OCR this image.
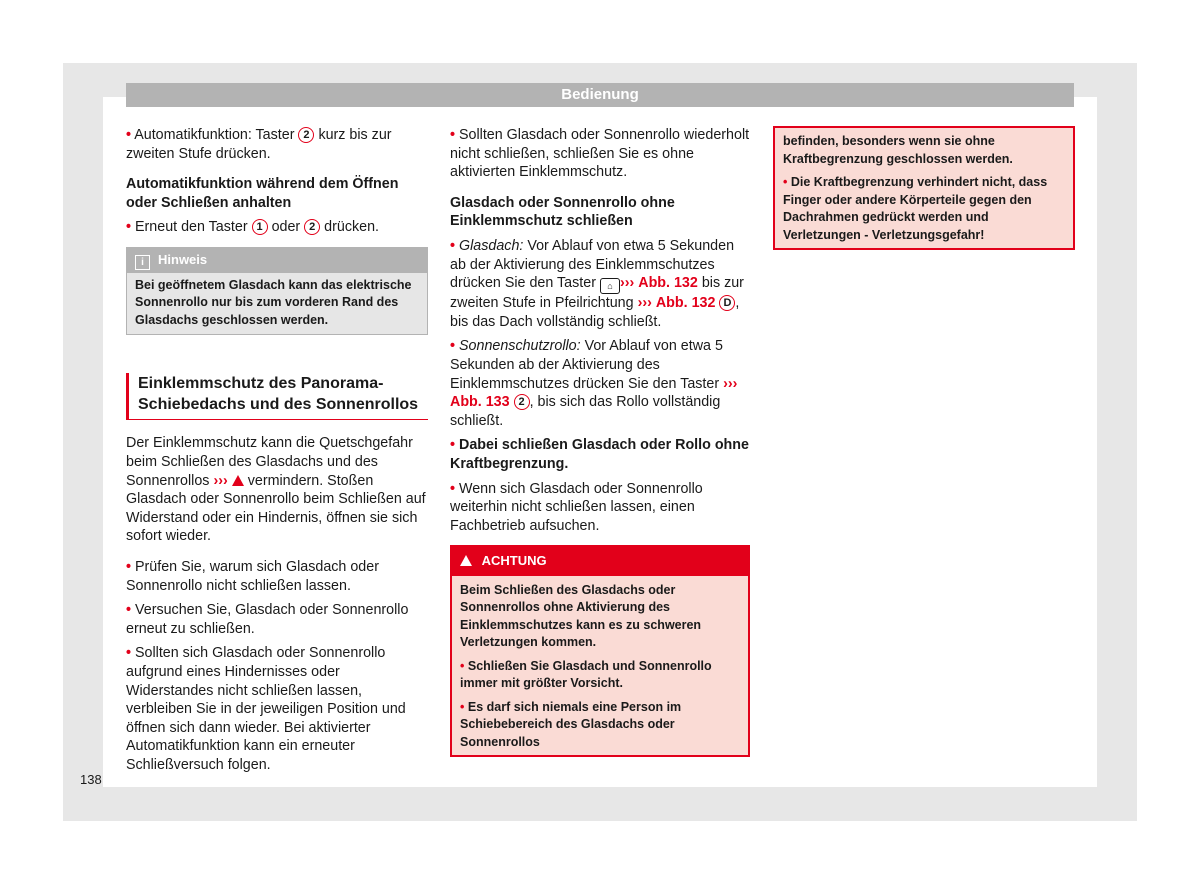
Bedienung

• Automatikfunktion: Taster 2 kurz bis zur zweiten Stufe drücken.

Automatikfunktion während dem Öffnen oder Schließen anhalten

• Erneut den Taster 1 oder 2 drücken.

i Hinweis
Bei geöffnetem Glasdach kann das elektrische Sonnenrollo nur bis zum vorderen Rand des Glasdachs geschlossen werden.
Einklemmschutz des Panorama-Schiebedachs und des Sonnenrollos

Der Einklemmschutz kann die Quetschgefahr beim Schließen des Glasdachs und des Sonnenrollos ››› vermindern. Stoßen Glasdach oder Sonnenrollo beim Schließen auf Widerstand oder ein Hindernis, öffnen sie sich sofort wieder.

• Prüfen Sie, warum sich Glasdach oder Sonnenrollo nicht schließen lassen.

• Versuchen Sie, Glasdach oder Sonnenrollo erneut zu schließen.

• Sollten sich Glasdach oder Sonnenrollo aufgrund eines Hindernisses oder Widerstandes nicht schließen lassen, verbleiben Sie in der jeweiligen Position und öffnen sich dann wieder. Bei aktivierter Automatikfunktion kann ein erneuter Schließversuch folgen.

• Sollten Glasdach oder Sonnenrollo wiederholt nicht schließen, schließen Sie es ohne aktivierten Einklemmschutz.

Glasdach oder Sonnenrollo ohne Einklemmschutz schließen

• Glasdach: Vor Ablauf von etwa 5 Sekunden ab der Aktivierung des Einklemmschutzes drücken Sie den Taster ⌂ ››› Abb. 132 bis zur zweiten Stufe in Pfeilrichtung ››› Abb. 132 D , bis das Dach vollständig schließt.

• Sonnenschutzrollo: Vor Ablauf von etwa 5 Sekunden ab der Aktivierung des Einklemmschutzes drücken Sie den Taster ››› Abb. 133 2 , bis sich das Rollo vollständig schließt.

• Dabei schließen Glasdach oder Rollo ohne Kraftbegrenzung.

• Wenn sich Glasdach oder Sonnenrollo weiterhin nicht schließen lassen, einen Fachbetrieb aufsuchen.

ACHTUNG

Beim Schließen des Glasdachs oder Sonnenrollos ohne Aktivierung des Einklemmschutzes kann es zu schweren Verletzungen kommen.

• Schließen Sie Glasdach und Sonnenrollo immer mit größter Vorsicht.

• Es darf sich niemals eine Person im Schiebebereich des Glasdachs oder Sonnenrollos

befinden, besonders wenn sie ohne Kraftbegrenzung geschlossen werden.

• Die Kraftbegrenzung verhindert nicht, dass Finger oder andere Körperteile gegen den Dachrahmen gedrückt werden und Verletzungen - Verletzungsgefahr!

138
